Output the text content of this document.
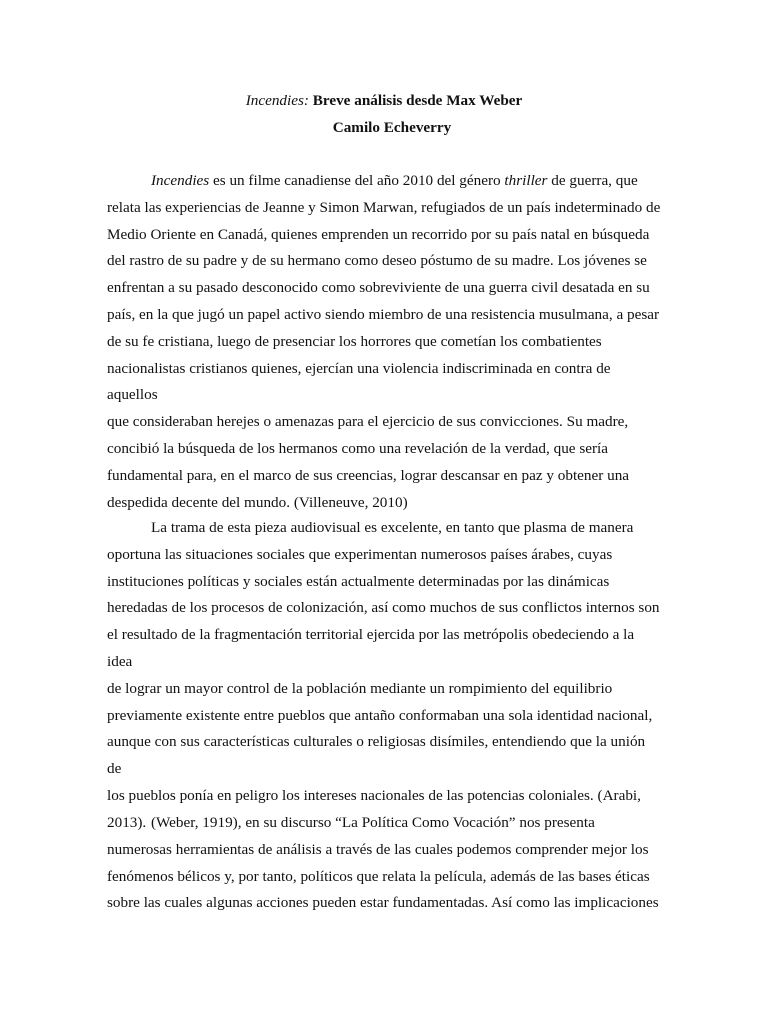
Incendies: Breve análisis desde Max Weber

Camilo Echeverry

Incendies es un filme canadiense del año 2010 del género thriller de guerra, que
relata las experiencias de Jeanne y Simon Marwan, refugiados de un país indeterminado de
Medio Oriente en Canadá, quienes emprenden un recorrido por su país natal en búsqueda
del rastro de su padre y de su hermano como deseo póstumo de su madre. Los jóvenes se
enfrentan a su pasado desconocido como sobreviviente de una guerra civil desatada en su
país, en la que jugó un papel activo siendo miembro de una resistencia musulmana, a pesar
de su fe cristiana, luego de presenciar los horrores que cometían los combatientes
nacionalistas cristianos quienes, ejercían una violencia indiscriminada en contra de aquellos
que consideraban herejes o amenazas para el ejercicio de sus convicciones. Su madre,
concibió la búsqueda de los hermanos como una revelación de la verdad, que sería
fundamental para, en el marco de sus creencias, lograr descansar en paz y obtener una
despedida decente del mundo. (Villeneuve, 2010)
La trama de esta pieza audiovisual es excelente, en tanto que plasma de manera
oportuna las situaciones sociales que experimentan numerosos países árabes, cuyas
instituciones políticas y sociales están actualmente determinadas por las dinámicas
heredadas de los procesos de colonización, así como muchos de sus conflictos internos son
el resultado de la fragmentación territorial ejercida por las metrópolis obedeciendo a la idea
de lograr un mayor control de la población mediante un rompimiento del equilibrio
previamente existente entre pueblos que antaño conformaban una sola identidad nacional,
aunque con sus características culturales o religiosas disímiles, entendiendo que la unión de
los pueblos ponía en peligro los intereses nacionales de las potencias coloniales. (Arabi,
2013). (Weber, 1919), en su discurso “La Política Como Vocación” nos presenta
numerosas herramientas de análisis a través de las cuales podemos comprender mejor los
fenómenos bélicos y, por tanto, políticos que relata la película, además de las bases éticas
sobre las cuales algunas acciones pueden estar fundamentadas. Así como las implicaciones
